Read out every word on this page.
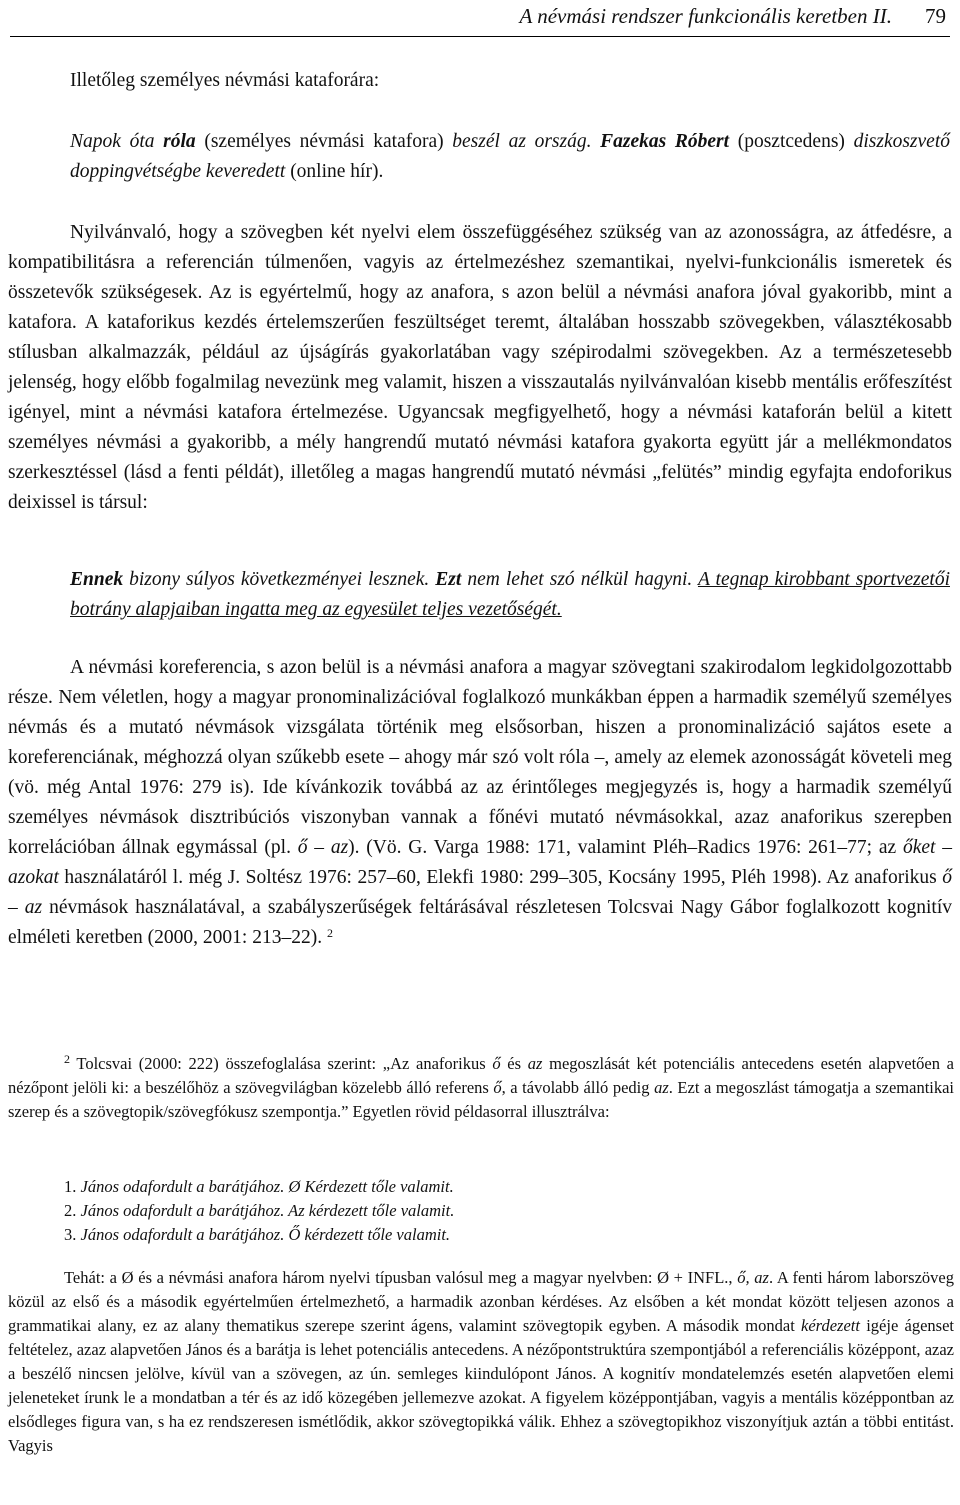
A névmási rendszer funkcionális keretben II. 79
Illetőleg személyes névmási kataforára:
Napok óta róla (személyes névmási katafora) beszél az ország. Fazekas Róbert (posztcedens) diszkoszvető doppingvétségbe keveredett (online hír).
Nyilvánvaló, hogy a szövegben két nyelvi elem összefüggéséhez szükség van az azonosságra, az átfedésre, a kompatibilitásra a referencián túlmenően, vagyis az értelmezéshez szemantikai, nyelvi-funkcionális ismeretek és összetevők szükségesek. Az is egyértelmű, hogy az anafora, s azon belül a névmási anafora jóval gyakoribb, mint a katafora. A kataforikus kezdés értelemszerűen feszültséget teremt, általában hosszabb szövegekben, választékosabb stílusban alkalmazzák, például az újságírás gyakorlatában vagy szépirodalmi szövegekben. Az a természetesebb jelenség, hogy előbb fogalmilag nevezünk meg valamit, hiszen a visszautalás nyilvánvalóan kisebb mentális erőfeszítést igényel, mint a névmási katafora értelmezése. Ugyancsak megfigyelhető, hogy a névmási kataforán belül a kitett személyes névmási a gyakoribb, a mély hangrendű mutató névmási katafora gyakorta együtt jár a mellékmondatos szerkesztéssel (lásd a fenti példát), illetőleg a magas hangrendű mutató névmási „felütés” mindig egyfajta endoforikus deixissel is társul:
Ennek bizony súlyos következményei lesznek. Ezt nem lehet szó nélkül hagyni. A tegnap kirobbant sportvezetői botrány alapjaiban ingatta meg az egyesület teljes vezetőségét.
A névmási koreferencia, s azon belül is a névmási anafora a magyar szövegtani szakirodalom legkidolgozottabb része. Nem véletlen, hogy a magyar pronominalizációval foglalkozó munkákban éppen a harmadik személyű személyes névmás és a mutató névmások vizsgálata történik meg elsősorban, hiszen a pronominalizáció sajátos esete a koreferenciának, méghozzá olyan szűkebb esete – ahogy már szó volt róla –, amely az elemek azonosságát követeli meg (vö. még Antal 1976: 279 is). Ide kívánkozik továbbá az az érintőleges megjegyzés is, hogy a harmadik személyű személyes névmások disztribúciós viszonyban vannak a főnévi mutató névmásokkal, azaz anaforikus szerepben korrelációban állnak egymással (pl. ő – az). (Vö. G. Varga 1988: 171, valamint Pléh–Radics 1976: 261–77; az őket – azokat használatáról l. még J. Soltész 1976: 257–60, Elekfi 1980: 299–305, Kocsány 1995, Pléh 1998). Az anaforikus ő – az névmások használatával, a szabályszerűségek feltárásával részletesen Tolcsvai Nagy Gábor foglalkozott kognitív elméleti keretben (2000, 2001: 213–22). $^2$
$^2$ Tolcsvai (2000: 222) összefoglalása szerint: „Az anaforikus ő és az megoszlását két potenciális antecedens esetén alapvetően a nézőpont jelöli ki: a beszélőhöz a szövegvilágban közelebb álló referens ő, a távolabb álló pedig az. Ezt a megoszlást támogatja a szemantikai szerep és a szövegtopik/szövegfókusz szempontja.” Egyetlen rövid példasorral illusztrálva:
1. János odafordult a barátjához. Ø Kérdezett tőle valamit.
2. János odafordult a barátjához. Az kérdezett tőle valamit.
3. János odafordult a barátjához. Ő kérdezett tőle valamit.
Tehát: a Ø és a névmási anafora három nyelvi típusban valósul meg a magyar nyelvben: Ø + INFL., ő, az. A fenti három laborszöveg közül az első és a második egyértelműen értelmezhető, a harmadik azonban kérdéses. Az elsőben a két mondat között teljesen azonos a grammatikai alany, ez az alany thematikus szerepe szerint ágens, valamint szövegtopik egyben. A második mondat kérdezett igéje ágenset feltételez, azaz alapvetően János és a barátja is lehet potenciális antecedens. A nézőpontstruktúra szempontjából a referenciális középpont, azaz a beszélő nincsen jelölve, kívül van a szövegen, az ún. semleges kiindulópont János. A kognitív mondatelemzés esetén alapvetően elemi jeleneteket írunk le a mondatban a tér és az idő közegében jellemezve azokat. A figyelem középpontjában, vagyis a mentális középpontban az elsődleges figura van, s ha ez rendszeresen ismétlődik, akkor szövegtopikká válik. Ehhez a szövegtopikhoz viszonyítjuk aztán a többi entitást. Vagyis
